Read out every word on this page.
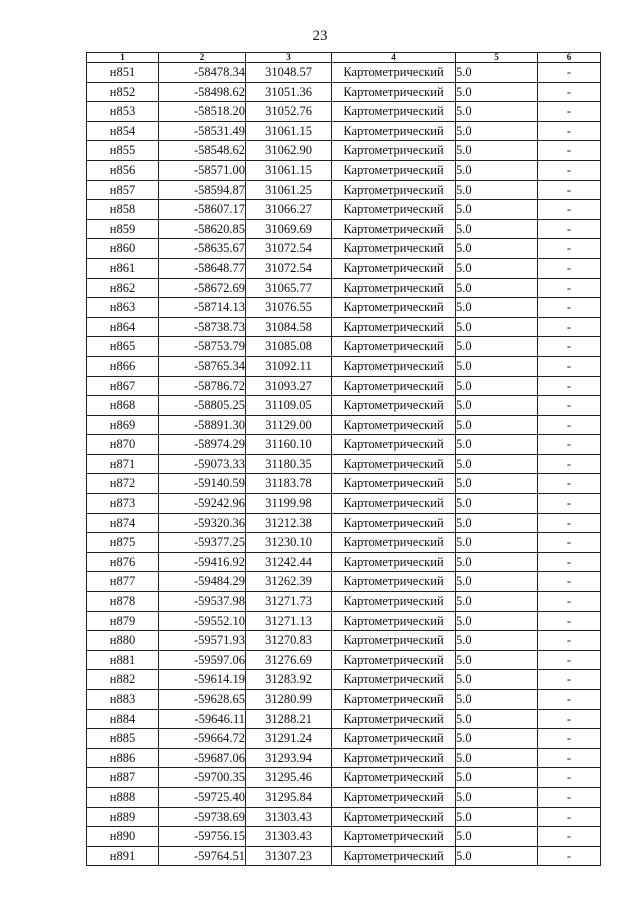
23
1	2	3	4	5	6
н851	-58478.34	31048.57	Картометрический	5.0	-
н852	-58498.62	31051.36	Картометрический	5.0	-
н853	-58518.20	31052.76	Картометрический	5.0	-
н854	-58531.49	31061.15	Картометрический	5.0	-
н855	-58548.62	31062.90	Картометрический	5.0	-
н856	-58571.00	31061.15	Картометрический	5.0	-
н857	-58594.87	31061.25	Картометрический	5.0	-
н858	-58607.17	31066.27	Картометрический	5.0	-
н859	-58620.85	31069.69	Картометрический	5.0	-
н860	-58635.67	31072.54	Картометрический	5.0	-
н861	-58648.77	31072.54	Картометрический	5.0	-
н862	-58672.69	31065.77	Картометрический	5.0	-
н863	-58714.13	31076.55	Картометрический	5.0	-
н864	-58738.73	31084.58	Картометрический	5.0	-
н865	-58753.79	31085.08	Картометрический	5.0	-
н866	-58765.34	31092.11	Картометрический	5.0	-
н867	-58786.72	31093.27	Картометрический	5.0	-
н868	-58805.25	31109.05	Картометрический	5.0	-
н869	-58891.30	31129.00	Картометрический	5.0	-
н870	-58974.29	31160.10	Картометрический	5.0	-
н871	-59073.33	31180.35	Картометрический	5.0	-
н872	-59140.59	31183.78	Картометрический	5.0	-
н873	-59242.96	31199.98	Картометрический	5.0	-
н874	-59320.36	31212.38	Картометрический	5.0	-
н875	-59377.25	31230.10	Картометрический	5.0	-
н876	-59416.92	31242.44	Картометрический	5.0	-
н877	-59484.29	31262.39	Картометрический	5.0	-
н878	-59537.98	31271.73	Картометрический	5.0	-
н879	-59552.10	31271.13	Картометрический	5.0	-
н880	-59571.93	31270.83	Картометрический	5.0	-
н881	-59597.06	31276.69	Картометрический	5.0	-
н882	-59614.19	31283.92	Картометрический	5.0	-
н883	-59628.65	31280.99	Картометрический	5.0	-
н884	-59646.11	31288.21	Картометрический	5.0	-
н885	-59664.72	31291.24	Картометрический	5.0	-
н886	-59687.06	31293.94	Картометрический	5.0	-
н887	-59700.35	31295.46	Картометрический	5.0	-
н888	-59725.40	31295.84	Картометрический	5.0	-
н889	-59738.69	31303.43	Картометрический	5.0	-
н890	-59756.15	31303.43	Картометрический	5.0	-
н891	-59764.51	31307.23	Картометрический	5.0	-
